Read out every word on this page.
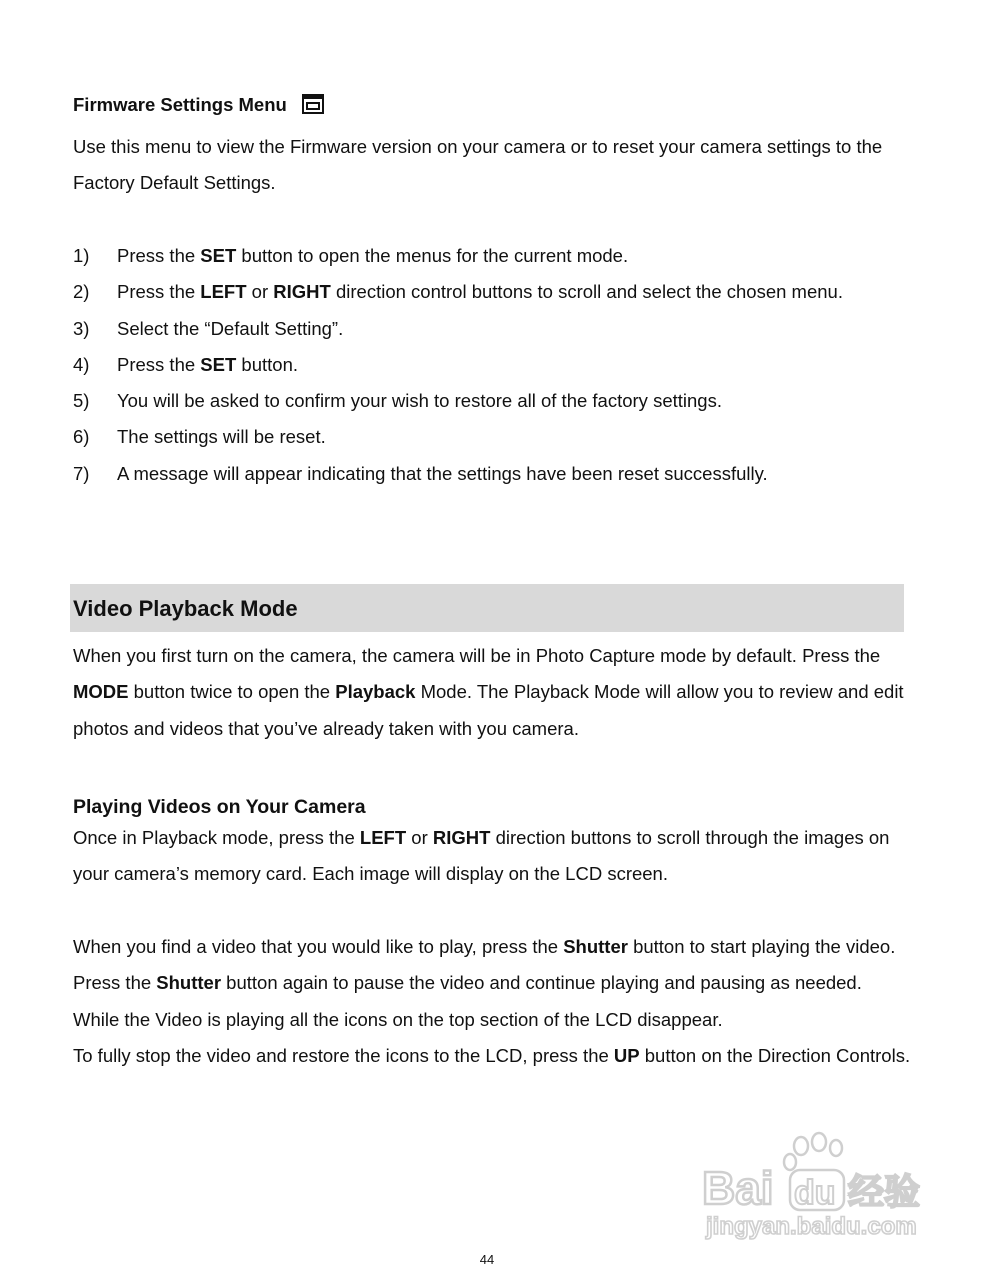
Firmware Settings Menu

Use this menu to view the Firmware version on your camera or to reset your camera settings to the Factory Default Settings.

1) Press the SET button to open the menus for the current mode.
2) Press the LEFT or RIGHT direction control buttons to scroll and select the chosen menu.
3) Select the “Default Setting”.
4) Press the SET button.
5) You will be asked to confirm your wish to restore all of the factory settings.
6) The settings will be reset.
7) A message will appear indicating that the settings have been reset successfully.
Video Playback Mode

When you first turn on the camera, the camera will be in Photo Capture mode by default. Press the MODE button twice to open the Playback Mode. The Playback Mode will allow you to review and edit photos and videos that you’ve already taken with you camera.

Playing Videos on Your Camera

Once in Playback mode, press the LEFT or RIGHT direction buttons to scroll through the images on your camera’s memory card. Each image will display on the LCD screen.

When you find a video that you would like to play, press the Shutter button to start playing the video.
Press the Shutter button again to pause the video and continue playing and pausing as needed.
While the Video is playing all the icons on the top section of the LCD disappear.
To fully stop the video and restore the icons to the LCD, press the UP button on the Direction Controls.

Bai du 经验
jingyan.baidu.com
44
